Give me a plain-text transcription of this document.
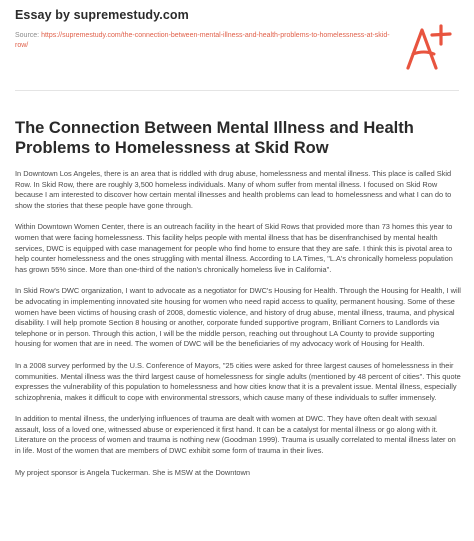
Essay by supremestudy.com
Source: https://supremestudy.com/the-connection-between-mental-illness-and-health-problems-to-homelessness-at-skid-row/
The Connection Between Mental Illness and Health Problems to Homelessness at Skid Row

In Downtown Los Angeles, there is an area that is riddled with drug abuse, homelessness and mental illness. This place is called Skid Row. In Skid Row, there are roughly 3,500 homeless individuals. Many of whom suffer from mental illness. I focused on Skid Row because I am interested to discover how certain mental illnesses and health problems can lead to homelessness and what I can do to show the stories that these people have gone through.

Within Downtown Women Center, there is an outreach facility in the heart of Skid Rows that provided more than 73 homes this year to women that were facing homelessness. This facility helps people with mental illness that has be disenfranchised by mental health services, DWC is equipped with case management for people who find home to ensure that they are safe. I think this is pivotal area to help counter homelessness and the ones struggling with mental illness. According to LA Times, "L.A's chronically homeless population has grown 55% since. More than one-third of the nation's chronically homeless live in California".

In Skid Row's DWC organization, I want to advocate as a negotiator for DWC's Housing for Health. Through the Housing for Health, I will be advocating in implementing innovated site housing for women who need rapid access to quality, permanent housing. Some of these women have been victims of housing crash of 2008, domestic violence, and history of drug abuse, mental illness, trauma, and physical disability. I will help promote Section 8 housing or another, corporate funded supportive program, Brilliant Corners to Landlords via telephone or in person. Through this action, I will be the middle person, reaching out throughout LA County to provide supporting housing for women that are in need. The women of DWC will be the beneficiaries of my advocacy work of Housing for Health.

In a 2008 survey performed by the U.S. Conference of Mayors, "25 cities were asked for three largest causes of homelessness in their communities. Mental illness was the third largest cause of homelessness for single adults (mentioned by 48 percent of cities". This quote expresses the vulnerability of this population to homelessness and how cities know that it is a prevalent issue. Mental illness, especially schizophrenia, makes it difficult to cope with environmental stressors, which cause many of these individuals to suffer immensely.

In addition to mental illness, the underlying influences of trauma are dealt with women at DWC. They have often dealt with sexual assault, loss of a loved one, witnessed abuse or experienced it first hand. It can be a catalyst for mental illness or go along with it. Literature on the process of women and trauma is nothing new (Goodman 1999). Trauma is usually correlated to mental illness later on in life. Most of the women that are members of DWC exhibit some form of trauma in their lives.

My project sponsor is Angela Tuckerman. She is MSW at the Downtown
